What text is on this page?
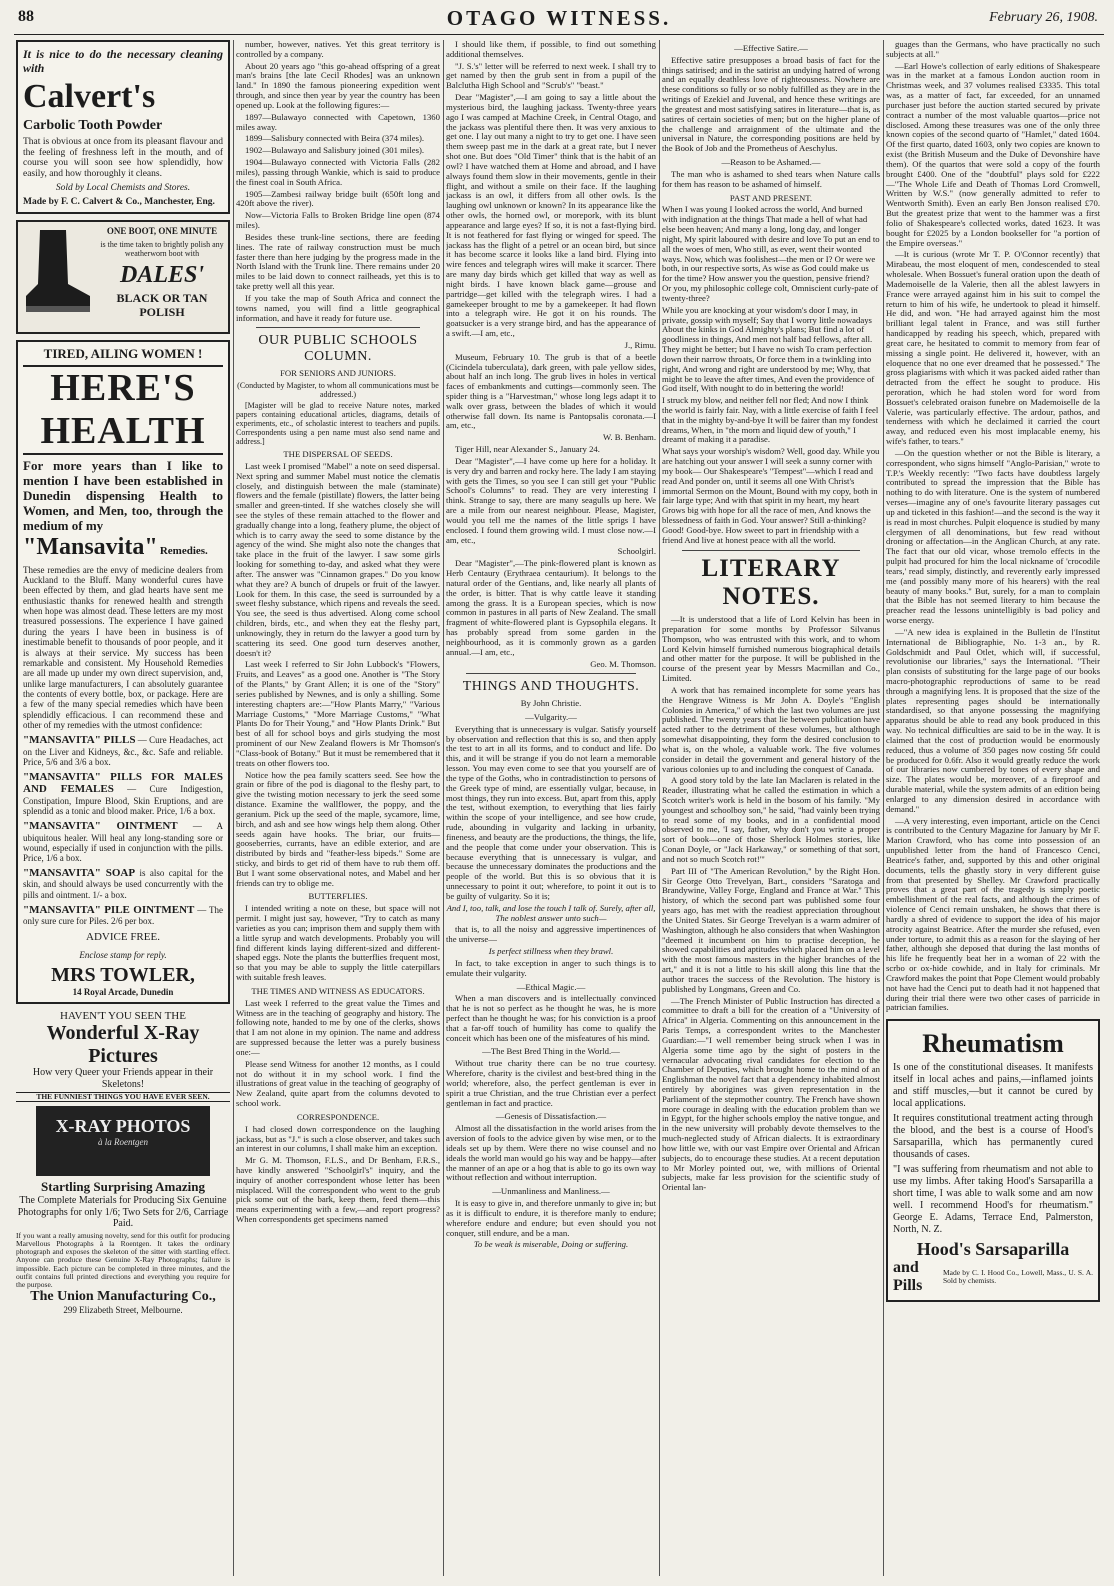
88	OTAGO WITNESS.	February 26, 1908.
It is nice to do the necessary cleaning with
Calvert's
Carbolic Tooth Powder
That is obvious at once from its pleasant flavour and the feeling of freshness left in the mouth, and of course you will soon see how splendidly, how easily, and how thoroughly it cleans.
Sold by Local Chemists and Stores.
Made by F. C. Calvert & Co., Manchester, Eng.
ONE BOOT, ONE MINUTE
is the time taken to brightly polish any weatherworn boot with
DALES'
BLACK OR TAN POLISH
TIRED, AILING WOMEN !
HERE'S HEALTH
For more years than I like to mention I have been established in Dunedin dispensing Health to Women, and Men, too, through the medium of my
"Mansavita" Remedies.
These remedies are the envy of medicine dealers from Auckland to the Bluff. Many wonderful cures have been effected by them, and glad hearts have sent me enthusiastic thanks for renewed health and strength when hope was almost dead. These letters are my most treasured possessions. The experience I have gained during the years I have been in business is of inestimable benefit to thousands of poor people, and it is always at their service. My success has been remarkable and consistent. My Household Remedies are all made up under my own direct supervision, and, unlike large manufacturers, I can absolutely guarantee the contents of every bottle, box, or package. Here are a few of the many special remedies which have been splendidly efficacious. I can recommend these and other of my remedies with the utmost confidence:
"MANSAVITA" PILLS — Cure Headaches, act on the Liver and Kidneys, &c., &c. Safe and reliable. Price, 5/6 and 3/6 a box.
"MANSAVITA" PILLS FOR MALES AND FEMALES — Cure Indigestion, Constipation, Impure Blood, Skin Eruptions, and are splendid as a tonic and blood maker. Price, 1/6 a box.
"MANSAVITA" OINTMENT — A ubiquitous healer. Will heal any long-standing sore or wound, especially if used in conjunction with the pills. Price, 1/6 a box.
"MANSAVITA" SOAP is also capital for the skin, and should always be used concurrently with the pills and ointment. 1/- a box.
"MANSAVITA" PILE OINTMENT — The only sure cure for Piles. 2/6 per box.
ADVICE FREE.
Enclose stamp for reply.
MRS TOWLER,
14 Royal Arcade, Dunedin
HAVEN'T YOU SEEN THE
Wonderful X-Ray Pictures
How very Queer your Friends appear in their Skeletons!
THE FUNNIEST THINGS YOU HAVE EVER SEEN.
X-RAY PHOTOS
à la Roentgen
Startling Surprising Amazing
The Complete Materials for Producing Six Genuine Photographs for only 1/6; Two Sets for 2/6, Carriage Paid.
If you want a really amusing novelty, send for this outfit for producing Marvellous Photographs à la Roentgen. It takes the ordinary photograph and exposes the skeleton of the sitter with startling effect. Anyone can produce these Genuine X-Ray Photographs; failure is impossible. Each picture can be completed in three minutes, and the outfit contains full printed directions and everything you require for the purpose.
The Union Manufacturing Co.,
299 Elizabeth Street, Melbourne.

number, however, natives. Yet this great territory is controlled by a company.

About 20 years ago "this go-ahead offspring of a great man's brains [the late Cecil Rhodes] was an unknown land." In 1890 the famous pioneering expedition went through, and since then year by year the country has been opened up. Look at the following figures:—

1897—Bulawayo connected with Capetown, 1360 miles away.

1899—Salisbury connected with Beira (374 miles).

1902—Bulawayo and Salisbury joined (301 miles).

1904—Bulawayo connected with Victoria Falls (282 miles), passing through Wankie, which is said to produce the finest coal in South Africa.

1905—Zambesi railway bridge built (650ft long and 420ft above the river).

Now—Victoria Falls to Broken Bridge line open (874 miles).

Besides these trunk-line sections, there are feeding lines. The rate of railway construction must be much faster there than here judging by the progress made in the North Island with the Trunk line. There remains under 20 miles to be laid down to connect railheads, yet this is to take pretty well all this year.

If you take the map of South Africa and connect the towns named, you will find a little geographical information, and have it ready for future use.

OUR PUBLIC SCHOOLS COLUMN.
FOR SENIORS AND JUNIORS.

(Conducted by Magister, to whom all communications must be addressed.)

[Magister will be glad to receive Nature notes, marked papers containing educational articles, diagrams, details of experiments, etc., of scholastic interest to teachers and pupils. Correspondents using a pen name must also send name and address.]

THE DISPERSAL OF SEEDS.

Last week I promised "Mabel" a note on seed dispersal. Next spring and summer Mabel must notice the clematis closely, and distinguish between the male (staminate) flowers and the female (pistillate) flowers, the latter being smaller and green-tinted. If she watches closely she will see the styles of these remain attached to the flower and gradually change into a long, feathery plume, the object of which is to carry away the seed to some distance by the agency of the wind. She might also note the changes that take place in the fruit of the lawyer. I saw some girls looking for something to-day, and asked what they were after. The answer was "Cinnamon grapes." Do you know what they are? A bunch of drupels or fruit of the lawyer. Look for them. In this case, the seed is surrounded by a sweet fleshy substance, which ripens and reveals the seed. You see, the seed is thus advertised. Along come school children, birds, etc., and when they eat the fleshy part, unknowingly, they in return do the lawyer a good turn by scattering its seed. One good turn deserves another, doesn't it?

Last week I referred to Sir John Lubbock's "Flowers, Fruits, and Leaves" as a good one. Another is "The Story of the Plants," by Grant Allen; it is one of the "Story" series published by Newnes, and is only a shilling. Some interesting chapters are:—"How Plants Marry," "Various Marriage Customs," "More Marriage Customs," "What Plants Do for Their Young," and "How Plants Drink." But best of all for school boys and girls studying the most prominent of our New Zealand flowers is Mr Thomson's "Class-book of Botany." But it must be remembered that it treats on other flowers too.

Notice how the pea family scatters seed. See how the grain or fibre of the pod is diagonal to the fleshy part, to give the twisting motion necessary to jerk the seed some distance. Examine the wallflower, the poppy, and the geranium. Pick up the seed of the maple, sycamore, lime, birch, and ash and see how wings help them along. Other seeds again have hooks. The briar, our fruits—gooseberries, currants, have an edible exterior, and are distributed by birds and "feather-less bipeds." Some are sticky, and birds to get rid of them have to rub them off. But I want some observational notes, and Mabel and her friends can try to oblige me.

BUTTERFLIES.

I intended writing a note on these, but space will not permit. I might just say, however, "Try to catch as many varieties as you can; imprison them and supply them with a little syrup and watch developments. Probably you will find different kinds laying different-sized and different-shaped eggs. Note the plants the butterflies frequent most, so that you may be able to supply the little caterpillars with suitable fresh leaves.

THE TIMES AND WITNESS AS EDUCATORS.

Last week I referred to the great value the Times and Witness are in the teaching of geography and history. The following note, handed to me by one of the clerks, shows that I am not alone in my opinion. The name and address are suppressed because the letter was a purely business one:—

Please send Witness for another 12 months, as I could not do without it in my school work. I find the illustrations of great value in the teaching of geography of New Zealand, quite apart from the columns devoted to school work.

CORRESPONDENCE.

I had closed down correspondence on the laughing jackass, but as "J." is such a close observer, and takes such an interest in our columns, I shall make him an exception.

Mr G. M. Thomson, F.L.S., and Dr Benham, F.R.S., have kindly answered "Schoolgirl's" inquiry, and the inquiry of another correspondent whose letter has been misplaced. Will the correspondent who went to the grub pick some out of the bark, keep them, feed them—this means experimenting with a few,—and report progress? When correspondents get specimens named

I should like them, if possible, to find out something additional themselves.

"J. S.'s" letter will be referred to next week. I shall try to get named by then the grub sent in from a pupil of the Balclutha High School and "Scrub's" "beast."

Dear "Magister",—I am going to say a little about the mysterious bird, the laughing jackass. Twenty-three years ago I was camped at Machine Creek, in Central Otago, and the jackass was plentiful there then. It was very anxious to get one. I lay out many a night to try to get one. I have seen them sweep past me in the dark at a great rate, but I never shot one. But does "Old Timer" think that is the habit of an owl? I have watched them at Home and abroad, and I have always found them slow in their movements, gentle in their flight, and without a smile on their face. If the laughing jackass is an owl, it differs from all other owls. Is the laughing owl unknown or known? In its appearance like the other owls, the horned owl, or morepork, with its blunt appearance and large eyes? If so, it is not a fast-flying bird. It is not feathered for fast flying or winged for speed. The jackass has the flight of a petrel or an ocean bird, but since it has become scarce it looks like a land bird. Flying into wire fences and telegraph wires will make it scarcer. There are many day birds which get killed that way as well as night birds. I have known black game—grouse and partridge—get killed with the telegraph wires. I had a gamekeeper brought to me by a gamekeeper. It had flown into a telegraph wire. He got it on his rounds. The goatsucker is a very strange bird, and has the appearance of a swift.—I am, etc.,

J., Rimu.

Museum, February 10. The grub is that of a beetle (Cicindela tuberculata), dark green, with pale yellow sides, about half an inch long. The grub lives in holes in vertical faces of embankments and cuttings—commonly seen. The spider thing is a "Harvestman," whose long legs adapt it to walk over grass, between the blades of which it would otherwise fall down. Its name is Pantopsalis coronata.—I am, etc.,

W. B. Benham.

Tiger Hill, near Alexander S., January 24.

Dear "Magister",—I have come up here for a holiday. It is very dry and barren and rocky here. The lady I am staying with gets the Times, so you see I can still get your "Public School's Columns" to read. They are very interesting I think. Strange to say, there are many seagulls up here. We are a mile from our nearest neighbour. Please, Magister, would you tell me the names of the little sprigs I have enclosed. I found them growing wild. I must close now.—I am, etc.,

Schoolgirl.

Dear "Magister",—The pink-flowered plant is known as Herb Centaury (Erythraea centaurium). It belongs to the natural order of the Gentians, and, like nearly all plants of the order, is bitter. That is why cattle leave it standing among the grass. It is a European species, which is now common in pastures in all parts of New Zealand. The small fragment of white-flowered plant is Gypsophila elegans. It has probably spread from some garden in the neighbourhood, as it is commonly grown as a garden annual.—I am, etc.,

Geo. M. Thomson.

THINGS AND THOUGHTS.
By John Christie.
—Vulgarity.—

Everything that is unnecessary is vulgar. Satisfy yourself by observation and reflection that this is so, and then apply the test to art in all its forms, and to conduct and life. Do this, and it will be strange if you do not learn a memorable lesson. You may even come to see that you yourself are of the type of the Goths, who in contradistinction to persons of the Greek type of mind, are essentially vulgar, because, in most things, they run into excess. But, apart from this, apply the test, without exemption, to everything that lies fairly within the scope of your intelligence, and see how crude, rude, abounding in vulgarity and lacking in urbanity, fineness, and beauty are the productions, the things, the life, and the people that come under your observation. This is because everything that is unnecessary is vulgar, and because the unnecessary dominates the productions and the people of the world. But this is so obvious that it is unnecessary to point it out; wherefore, to point it out is to be guilty of vulgarity. So it is;

And I, too, talk, and lose the touch I talk of. Surely, after all, The noblest answer unto such—

that is, to all the noisy and aggressive impertinences of the universe—

Is perfect stillness when they brawl.

In fact, to take exception in anger to such things is to emulate their vulgarity.

—Ethical Magic.—

When a man discovers and is intellectually convinced that he is not so perfect as he thought he was, he is more perfect than he thought he was; for his conviction is a proof that a far-off touch of humility has come to qualify the conceit which has been one of the misfeatures of his mind.

—The Best Bred Thing in the World.—

Without true charity there can be no true courtesy. Wherefore, charity is the civilest and best-bred thing in the world; wherefore, also, the perfect gentleman is ever in spirit a true Christian, and the true Christian ever a perfect gentleman in fact and practice.

—Genesis of Dissatisfaction.—

Almost all the dissatisfaction in the world arises from the aversion of fools to the advice given by wise men, or to the ideals set up by them. Were there no wise counsel and no ideals the world man would go his way and be happy—after the manner of an ape or a hog that is able to go its own way without reflection and without interruption.

—Unmanliness and Manliness.—

It is easy to give in, and therefore unmanly to give in; but as it is difficult to endure, it is therefore manly to endure; wherefore endure and endure; but even should you not conquer, still endure, and be a man.

To be weak is miserable, Doing or suffering.

—Effective Satire.—

Effective satire presupposes a broad basis of fact for the things satirised; and in the satirist an undying hatred of wrong and an equally deathless love of righteousness. Nowhere are these conditions so fully or so nobly fulfilled as they are in the writings of Ezekiel and Juvenal, and hence these writings are the greatest and most satisfying satires in literature—that is, as satires of certain societies of men; but on the higher plane of the challenge and arraignment of the ultimate and the universal in Nature, the corresponding positions are held by the Book of Job and the Prometheus of Aeschylus.

—Reason to be Ashamed.—

The man who is ashamed to shed tears when Nature calls for them has reason to be ashamed of himself.

PAST AND PRESENT.

When I was young I looked across the world, And burned with indignation at the things That made a hell of what had else been heaven; And many a long, long day, and longer night, My spirit laboured with desire and love To put an end to all the woes of men, Who still, as ever, went their wonted ways. Now, which was foolishest—the men or I? Or were we both, in our respective sorts, As wise as God could make us for the time? How answer you the question, pensive friend? Or you, my philosophic college colt, Omniscient curly-pate of twenty-three?

While you are knocking at your wisdom's door I may, in private, gossip with myself; Say that I worry little nowadays About the kinks in God Almighty's plans; But find a lot of goodliness in things, And men not half bad fellows, after all. They might be better; but I have no wish To cram perfection down their narrow throats, Or force them in a twinkling into right, And wrong and right are understood by me; Why, that might be to leave the after times, And even the providence of God itself, With nought to do in bettering the world!

I struck my blow, and neither fell nor fled; And now I think the world is fairly fair. Nay, with a little exercise of faith I feel that in the mighty by-and-bye It will be fairer than my fondest dreams, When, in "the morn and liquid dew of youth," I dreamt of making it a paradise.

What says your worship's wisdom? Well, good day. While you are hatching out your answer I will seek a sunny corner with my book— Our Shakespeare's "Tempest"—which I read and read And ponder on, until it seems all one With Christ's immortal Sermon on the Mount, Bound with my copy, both in fair large type; And with that spirit in my heart, my heart Grows big with hope for all the race of men, And knows the blessedness of faith in God. Your answer? Still a-thinking? Good! Good-bye. How sweet to part in friendship with a friend And live at honest peace with all the world.

LITERARY NOTES.

—It is understood that a life of Lord Kelvin has been in preparation for some months by Professor Silvanus Thompson, who was entrusted with this work, and to whom Lord Kelvin himself furnished numerous biographical details and other matter for the purpose. It will be published in the course of the present year by Messrs Macmillan and Co., Limited.

A work that has remained incomplete for some years has the Hengrave Witness is Mr John A. Doyle's "English Colonies in America," of which the last two volumes are just published. The twenty years that lie between publication have acted rather to the detriment of these volumes, but although somewhat disappointing, they form the desired conclusion to what is, on the whole, a valuable work. The five volumes consider in detail the government and general history of the various colonies up to and including the conquest of Canada.

A good story told by the late Ian Maclaren is related in the Reader, illustrating what he called the estimation in which a Scotch writer's work is held in the bosom of his family. "My youngest and schoolboy son," he said, "had vainly been trying to read some of my books, and in a confidential mood observed to me, 'I say, father, why don't you write a proper sort of book—one of those Sherlock Holmes stories, like Conan Doyle, or "Jack Harkaway," or something of that sort, and not so much Scotch rot!'"

Part III of "The American Revolution," by the Right Hon. Sir George Otto Trevelyan, Bart., considers "Saratoga and Brandywine, Valley Forge, England and France at War." This history, of which the second part was published some four years ago, has met with the readiest appreciation throughout the United States. Sir George Trevelyan is a warm admirer of Washington, although he also considers that when Washington "deemed it incumbent on him to practise deception, he showed capabilities and aptitudes which placed him on a level with the most famous masters in the higher branches of the art," and it is not a little to his skill along this line that the author traces the success of the Revolution. The history is published by Longmans, Green and Co.

—The French Minister of Public Instruction has directed a committee to draft a bill for the creation of a "University of Africa" in Algeria. Commenting on this announcement in the Paris Temps, a correspondent writes to the Manchester Guardian:—"I well remember being struck when I was in Algeria some time ago by the sight of posters in the vernacular advocating rival candidates for election to the Chamber of Deputies, which brought home to the mind of an Englishman the novel fact that a dependency inhabited almost entirely by aborigines was given representation in the Parliament of the stepmother country. The French have shown more courage in dealing with the education problem than we in Egypt, for the higher schools employ the native tongue, and in the new university will probably devote themselves to the much-neglected study of African dialects. It is extraordinary how little we, with our vast Empire over Oriental and African subjects, do to encourage these studies. At a recent deputation to Mr Morley pointed out, we, with millions of Oriental subjects, make far less provision for the scientific study of Oriental lan-

guages than the Germans, who have practically no such subjects at all."

—Earl Howe's collection of early editions of Shakespeare was in the market at a famous London auction room in Christmas week, and 37 volumes realised £3335. This total was, as a matter of fact, far exceeded, for an unnamed purchaser just before the auction started secured by private contract a number of the most valuable quartos—price not disclosed. Among these treasures was one of the only three known copies of the second quarto of "Hamlet," dated 1604. Of the first quarto, dated 1603, only two copies are known to exist (the British Museum and the Duke of Devonshire have them). Of the quartos that were sold a copy of the fourth brought £400. One of the "doubtful" plays sold for £222—"The Whole Life and Death of Thomas Lord Cromwell, Written by W.S." (now generally admitted to refer to Wentworth Smith). Even an early Ben Jonson realised £70. But the greatest prize that went to the hammer was a first folio of Shakespeare's collected works, dated 1623. It was bought for £2025 by a London bookseller for "a portion of the Empire overseas."

—It is curious (wrote Mr T. P. O'Connor recently) that Mirabeau, the most eloquent of men, condescended to steal wholesale. When Bossuet's funeral oration upon the death of Mademoiselle de la Valerie, then all the ablest lawyers in France were arrayed against him in his suit to compel the return to him of his wife, he undertook to plead it himself. He did, and won. "He had arrayed against him the most brilliant legal talent in France, and was still further handicapped by reading his speech, which, prepared with great care, he hesitated to commit to memory from fear of missing a single point. He delivered it, however, with an eloquence that no one ever dreamed that he possessed." The gross plagiarisms with which it was packed aided rather than detracted from the effect he sought to produce. His peroration, which he had stolen word for word from Bossuet's celebrated oraison funebre on Mademoiselle de la Valerie, was particularly effective. The ardour, pathos, and tenderness with which he declaimed it carried the court away, and reduced even his most implacable enemy, his wife's father, to tears."

—On the question whether or not the Bible is literary, a correspondent, who signs himself "Anglo-Parisian," wrote to T.P.'s Weekly recently: "Two facts have doubtless largely contributed to spread the impression that the Bible has nothing to do with literature. One is the system of numbered verses—imagine any of one's favourite literary passages cut up and ticketed in this fashion!—and the second is the way it is read in most churches. Pulpit eloquence is studied by many clergymen of all denominations, but few read without droning or affectation—in the Anglican Church, at any rate. The fact that our old vicar, whose tremolo effects in the pulpit had procured for him the local nickname of 'crocodile tears,' read simply, distinctly, and reverently early impressed me (and possibly many more of his hearers) with the real beauty of many books." But, surely, for a man to complain that the Bible has not seemed literary to him because the preacher read the lessons unintelligibly is bad policy and worse energy.

—"A new idea is explained in the Bulletin de l'Institut International de Bibliographie, No. 1-3 an., by R. Goldschmidt and Paul Otlet, which will, if successful, revolutionise our libraries," says the International. "Their plan consists of substituting for the large page of our books macro-photographic reproductions of same to be read through a magnifying lens. It is proposed that the size of the plates representing pages should be internationally standardised, so that anyone possessing the magnifying apparatus should be able to read any book produced in this way. No technical difficulties are said to be in the way. It is claimed that the cost of production would be enormously reduced, thus a volume of 350 pages now costing 5fr could be produced for 0.6fr. Also it would greatly reduce the work of our libraries now cumbered by tones of every shape and size. The plates would be, moreover, of a fireproof and durable material, while the system admits of an edition being enlarged to any dimension desired in accordance with demand."

—A very interesting, even important, article on the Cenci is contributed to the Century Magazine for January by Mr F. Marion Crawford, who has come into possession of an unpublished letter from the hand of Francesco Cenci, Beatrice's father, and, supported by this and other original documents, tells the ghastly story in very different guise from that presented by Shelley. Mr Crawford practically proves that a great part of the tragedy is simply poetic embellishment of the real facts, and although the crimes of violence of Cenci remain unshaken, he shows that there is hardly a shred of evidence to support the idea of his major atrocity against Beatrice. After the murder she refused, even under torture, to admit this as a reason for the slaying of her father, although she deposed that during the last months of his life he frequently beat her in a woman of 22 with the scrbo or ox-hide cowhide, and in Italy for criminals. Mr Crawford makes the point that Pope Clement would probably not have had the Cenci put to death had it not happened that during their trial there were two other cases of parricide in patrician families.

Rheumatism

Is one of the constitutional diseases. It manifests itself in local aches and pains,—inflamed joints and stiff muscles,—but it cannot be cured by local applications.

It requires constitutional treatment acting through the blood, and the best is a course of Hood's Sarsaparilla, which has permanently cured thousands of cases.

"I was suffering from rheumatism and not able to use my limbs. After taking Hood's Sarsaparilla a short time, I was able to walk some and am now well. I recommend Hood's for rheumatism." George E. Adams, Terrace End, Palmerston, North, N. Z.

Hood's Sarsaparilla
and Pills
Made by C. I. Hood Co., Lowell, Mass., U. S. A. Sold by chemists.
